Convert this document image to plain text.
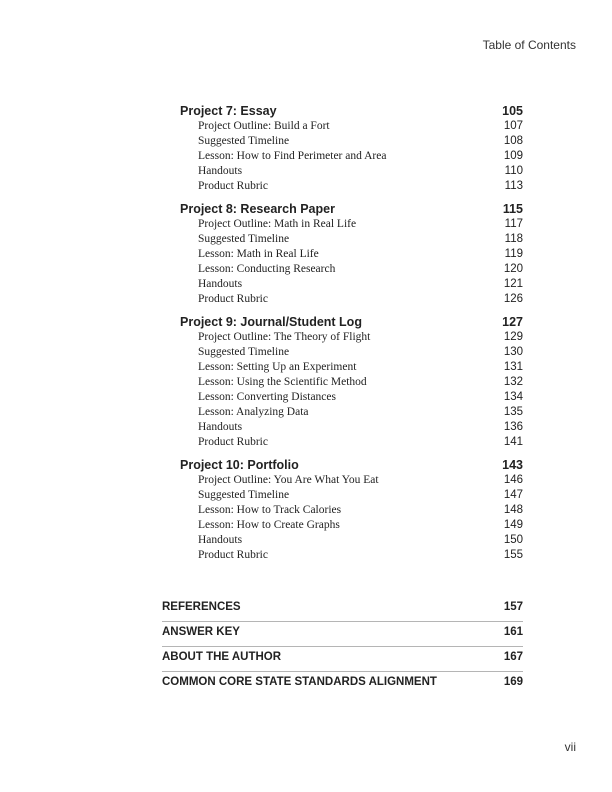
Table of Contents
Project 7: Essay	105
Project Outline: Build a Fort	107
Suggested Timeline	108
Lesson: How to Find Perimeter and Area	109
Handouts	110
Product Rubric	113
Project 8: Research Paper	115
Project Outline: Math in Real Life	117
Suggested Timeline	118
Lesson: Math in Real Life	119
Lesson: Conducting Research	120
Handouts	121
Product Rubric	126
Project 9: Journal/Student Log	127
Project Outline: The Theory of Flight	129
Suggested Timeline	130
Lesson: Setting Up an Experiment	131
Lesson: Using the Scientific Method	132
Lesson: Converting Distances	134
Lesson: Analyzing Data	135
Handouts	136
Product Rubric	141
Project 10: Portfolio	143
Project Outline: You Are What You Eat	146
Suggested Timeline	147
Lesson: How to Track Calories	148
Lesson: How to Create Graphs	149
Handouts	150
Product Rubric	155
REFERENCES	157
ANSWER KEY	161
ABOUT THE AUTHOR	167
COMMON CORE STATE STANDARDS ALIGNMENT	169
vii
